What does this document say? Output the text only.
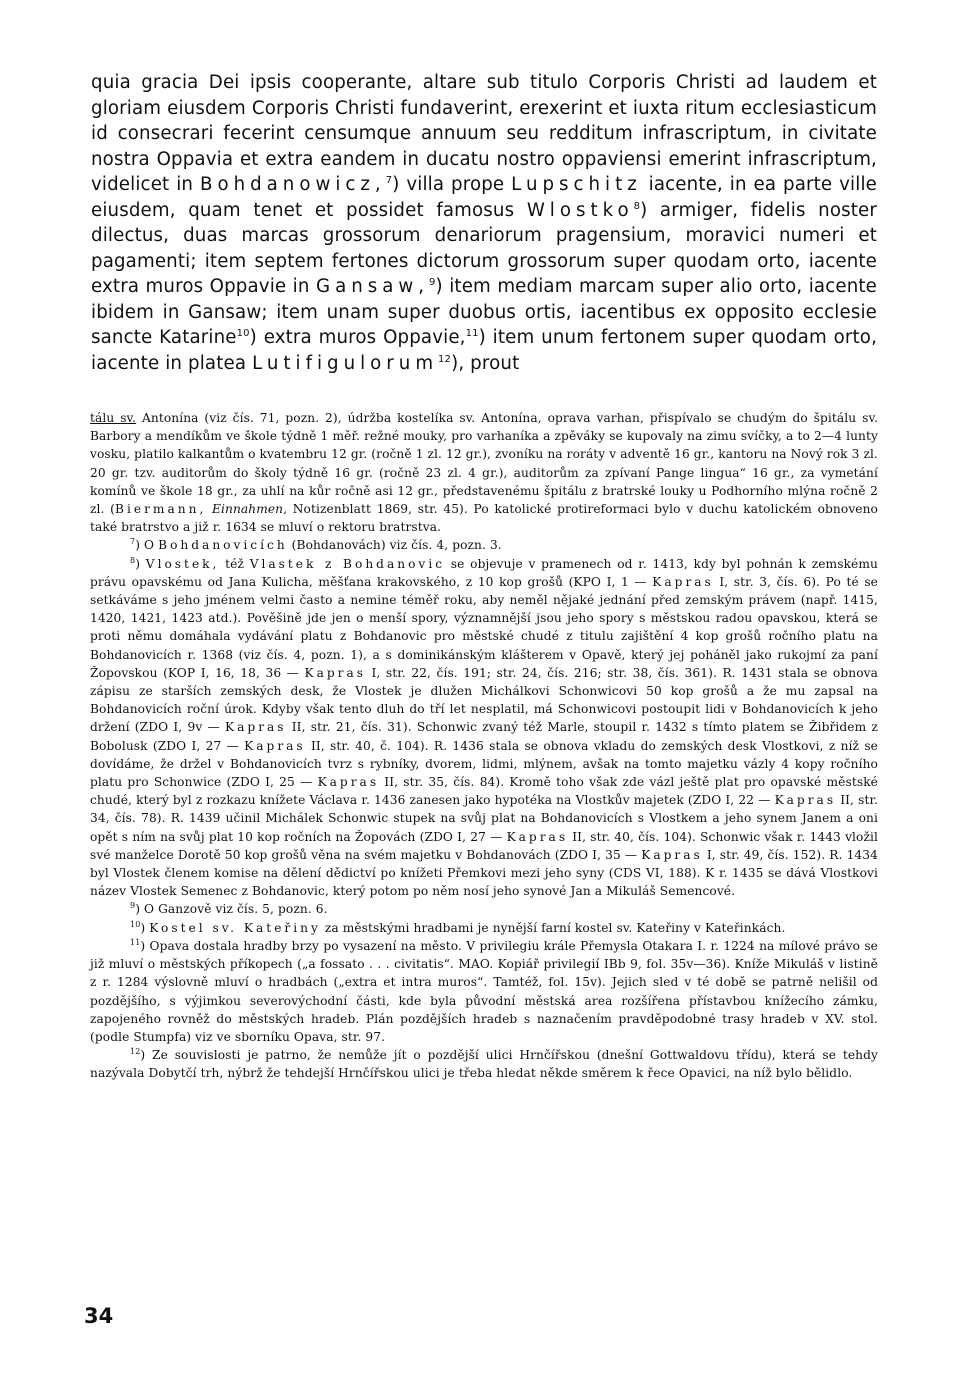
quia gracia Dei ipsis cooperante, altare sub titulo Corporis Christi ad laudem et gloriam eiusdem Corporis Christi fundaverint, erexerint et iuxta ritum ecclesiasticum id consecrari fecerint censumque annuum seu redditum infrascriptum, in civitate nostra Oppavia et extra eandem in ducatu nostro oppaviensi emerint infrascriptum, videlicet in Bohdanowicz,$^7$) villa prope Lupschitz iacente, in ea parte ville eiusdem, quam tenet et possidet famosus Wlostko$^8$) armiger, fidelis noster dilectus, duas marcas grossorum denariorum pragensium, moravici numeri et pagamenti; item septem fertones dictorum grossorum super quodam orto, iacente extra muros Oppavie in Gansaw,$^9$) item mediam marcam super alio orto, iacente ibidem in Gansaw; item unam super duobus ortis, iacentibus ex opposito ecclesie sancte Katarine$^{10}$) extra muros Oppavie,$^{11}$) item unum fertonem super quodam orto, iacente in platea Lutifigulorum$^{12}$), prout

tálu sv. Antonína (viz čís. 71, pozn. 2), údržba kostelíka sv. Antonína, oprava varhan, přispívalo se chudým do špitálu sv. Barbory a mendíkům ve škole týdně 1 měř. režné mouky, pro varhaníka a zpěváky se kupovaly na zimu svíčky, a to 2—4 lunty vosku, platilo kalkantům o kvatembru 12 gr. (ročně 1 zl. 12 gr.), zvoníku na roráty v adventě 16 gr., kantoru na Nový rok 3 zl. 20 gr. tzv. auditorům do školy týdně 16 gr. (ročně 23 zl. 4 gr.), auditorům za zpívaní Pange lingua“ 16 gr., za vymetání komínů ve škole 18 gr., za uhlí na kůr ročně asi 12 gr., představenému špitálu z bratrské louky u Podhorního mlýna ročně 2 zl. (Biermann, Einnahmen, Notizenblatt 1869, str. 45). Po katolické protireformaci bylo v duchu katolickém obnoveno také bratrstvo a již r. 1634 se mluví o rektoru bratrstva.

$^7$) O Bohdanovicích (Bohdanovách) viz čís. 4, pozn. 3.

$^8$) Vlostek, též Vlastek z Bohdanovic se objevuje v pramenech od r. 1413, kdy byl pohnán k zemskému právu opavskému od Jana Kulicha, měšťana krakovského, z 10 kop grošů (KPO I, 1 — Kapras I, str. 3, čís. 6). Po té se setkáváme s jeho jménem velmi často a nemine téměř roku, aby neměl nějaké jednání před zemským právem (např. 1415, 1420, 1421, 1423 atd.). Pověšině jde jen o menší spory, významnější jsou jeho spory s městskou radou opavskou, která se proti němu domáhala vydávání platu z Bohdanovic pro městské chudé z titulu zajištění 4 kop grošů ročního platu na Bohdanovicích r. 1368 (viz čís. 4, pozn. 1), a s dominikánským klášterem v Opavě, který jej poháněl jako rukojmí za paní Žopovskou (KOP I, 16, 18, 36 — Kapras I, str. 22, čís. 191; str. 24, čís. 216; str. 38, čís. 361). R. 1431 stala se obnova zápisu ze starších zemských desk, že Vlostek je dlužen Michálkovi Schonwicovi 50 kop grošů a že mu zapsal na Bohdanovicích roční úrok. Kdyby však tento dluh do tří let nesplatil, má Schonwicovi postoupit lidi v Bohdanovicích k jeho držení (ZDO I, 9v — Kapras II, str. 21, čís. 31). Schonwic zvaný též Marle, stoupil r. 1432 s tímto platem se Žibřidem z Bobolusk (ZDO I, 27 — Kapras II, str. 40, č. 104). R. 1436 stala se obnova vkladu do zemských desk Vlostkovi, z níž se dovídáme, že držel v Bohdanovicích tvrz s rybníky, dvorem, lidmi, mlýnem, avšak na tomto majetku vázly 4 kopy ročního platu pro Schonwice (ZDO I, 25 — Kapras II, str. 35, čís. 84). Kromě toho však zde vázl ještě plat pro opavské městské chudé, který byl z rozkazu knížete Václava r. 1436 zanesen jako hypotéka na Vlostkův majetek (ZDO I, 22 — Kapras II, str. 34, čís. 78). R. 1439 učinil Michálek Schonwic stupek na svůj plat na Bohdanovicích s Vlostkem a jeho synem Janem a oni opět s ním na svůj plat 10 kop ročních na Žopovách (ZDO I, 27 — Kapras II, str. 40, čís. 104). Schonwic však r. 1443 vložil své manželce Dorotě 50 kop grošů věna na svém majetku v Bohdanovách (ZDO I, 35 — Kapras I, str. 49, čís. 152). R. 1434 byl Vlostek členem komise na dělení dědictví po knížeti Přemkovi mezi jeho syny (CDS VI, 188). K r. 1435 se dává Vlostkovi název Vlostek Semenec z Bohdanovic, který potom po něm nosí jeho synové Jan a Mikuláš Semencové.

$^9$) O Ganzově viz čís. 5, pozn. 6.

$^{10}$) Kostel sv. Kateřiny za městskými hradbami je nynější farní kostel sv. Kateřiny v Kateřinkách.

$^{11}$) Opava dostala hradby brzy po vysazení na město. V privilegiu krále Přemysla Otakara I. r. 1224 na mílové právo se již mluví o městských příkopech („a fossato . . . civitatis“. MAO. Kopiář privilegií IBb 9, fol. 35v—36). Kníže Mikuláš v listině z r. 1284 výslovně mluví o hradbách („extra et intra muros“. Tamtéž, fol. 15v). Jejich sled v té době se patrně nelišil od pozdějšího, s výjimkou severovýchodní části, kde byla původní městská area rozšířena přístavbou knížecího zámku, zapojeného rovněž do městských hradeb. Plán pozdějších hradeb s naznačením pravděpodobné trasy hradeb v XV. stol. (podle Stumpfa) viz ve sborníku Opava, str. 97.

$^{12}$) Ze souvislosti je patrno, že nemůže jít o pozdější ulici Hrnčířskou (dnešní Gottwaldovu třídu), která se tehdy nazývala Dobytčí trh, nýbrž že tehdejší Hrnčířskou ulici je třeba hledat někde směrem k řece Opavici, na níž bylo bělidlo.

34
